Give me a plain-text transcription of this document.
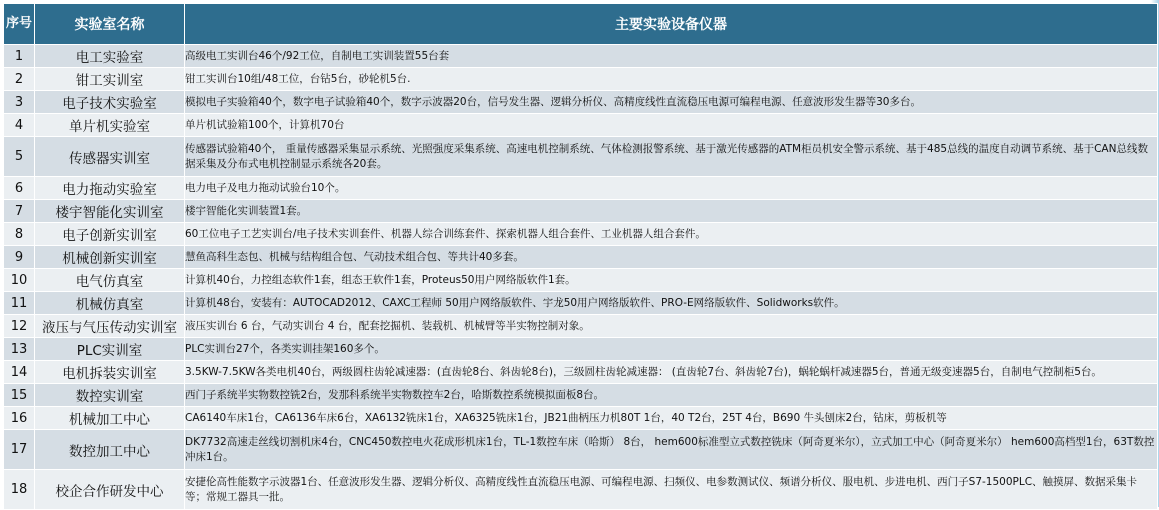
序号	实验室名称	主要实验设备仪器
1	电工实验室	高级电工实训台46个/92工位，自制电工实训装置55台套
2	钳工实训室	钳工实训台10组/48工位，台钻5台，砂轮机5台.
3	电子技术实验室	模拟电子实验箱40个，数字电子试验箱40个，数字示波器20台，信号发生器、逻辑分析仪、高精度线性直流稳压电源可编程电源、任意波形发生器等30多台。
4	单片机实验室	单片机试验箱100个，计算机70台
5	传感器实训室	传感器试验箱40个， 重量传感器采集显示系统、光照强度采集系统、高速电机控制系统、气体检测报警系统、基于激光传感器的ATM柜员机安全警示系统、基于485总线的温度自动调节系统、基于CAN总线数据采集及分布式电机控制显示系统各20套。
6	电力拖动实验室	电力电子及电力拖动试验台10个。
7	楼宇智能化实训室	楼宇智能化实训装置1套。
8	电子创新实训室	60工位电子工艺实训台/电子技术实训套件、机器人综合训练套件、探索机器人组合套件、工业机器人组合套件。
9	机械创新实训室	慧鱼高科生态包、机械与结构组合包、气动技术组合包、等共计40多套。
10	电气仿真室	计算机40台，力控组态软件1套，组态王软件1套，Proteus50用户网络版软件1套。
11	机械仿真室	计算机48台，安装有：AUTOCAD2012、CAXC工程师 50用户网络版软件、宇龙50用户网络版软件、PRO-E网络版软件、Solidworks软件。
12	液压与气压传动实训室	液压实训台 6 台，气动实训台 4 台，配套挖掘机、装载机、机械臂等半实物控制对象。
13	PLC实训室	PLC实训台27个，各类实训挂架160多个。
14	电机拆装实训室	3.5KW-7.5KW各类电机40台，两级圆柱齿轮减速器：(直齿轮8台、斜齿轮8台)，三级圆柱齿轮减速器： (直齿轮7台、斜齿轮7台)，蜗轮蜗杆减速器5台，普通无级变速器5台，自制电气控制柜5台。
15	数控实训室	西门子系统半实物数控铣2台，发那科系统半实物数控车2台，哈斯数控系统模拟面板8台。
16	机械加工中心	CA6140车床1台，CA6136车床6台，XA6132铣床1台，XA6325铣床1台，JB21曲柄压力机80T 1台，40 T2台，25T 4台，B690 牛头刨床2台，钻床，剪板机等
17	数控加工中心	DK7732高速走丝线切割机床4台，CNC450数控电火花成形机床1台，TL-1数控车床（哈斯） 8台， hem600标准型立式数控铣床（阿奇夏米尔），立式加工中心（阿奇夏米尔） hem600高档型1台，63T数控冲床1台。
18	校企合作研发中心	安捷伦高性能数字示波器1台、任意波形发生器、逻辑分析仪、高精度线性直流稳压电源、可编程电源、扫频仪、电参数测试仪、频谱分析仪、服电机、步进电机、西门子S7-1500PLC、触摸屏、数据采集卡等；常规工器具一批。
